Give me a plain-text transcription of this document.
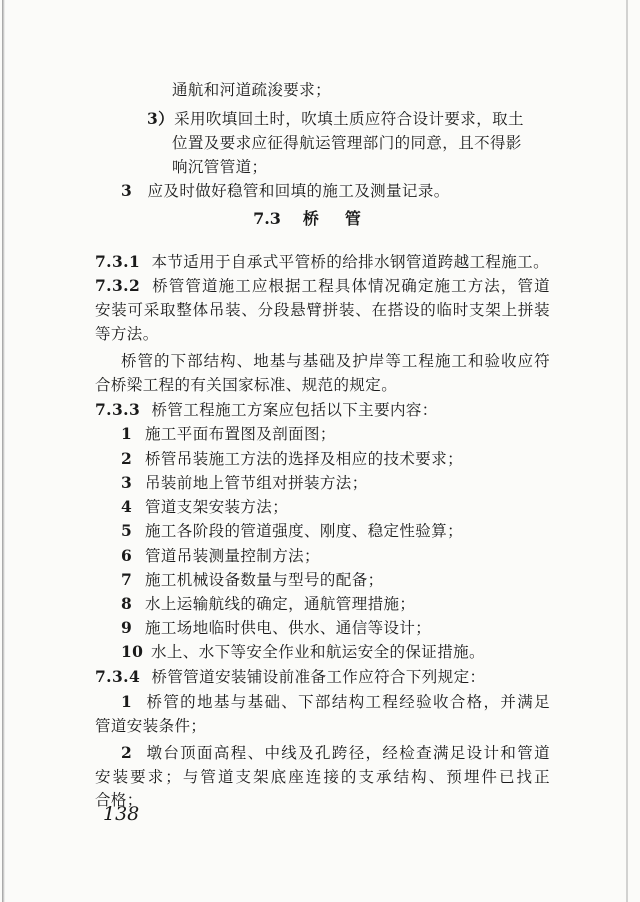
通航和河道疏浚要求；
3）采用吹填回土时，吹填土质应符合设计要求，取土
位置及要求应征得航运管理部门的同意，且不得影
响沉管管道；
3 应及时做好稳管和回填的施工及测量记录。
7.3 桥管
7.3.1 本节适用于自承式平管桥的给排水钢管道跨越工程施工。
7.3.2 桥管管道施工应根据工程具体情况确定施工方法，管道
安装可采取整体吊装、分段悬臂拼装、在搭设的临时支架上拼装
等方法。
桥管的下部结构、地基与基础及护岸等工程施工和验收应符
合桥梁工程的有关国家标准、规范的规定。
7.3.3 桥管工程施工方案应包括以下主要内容：
1 施工平面布置图及剖面图；
2 桥管吊装施工方法的选择及相应的技术要求；
3 吊装前地上管节组对拼装方法；
4 管道支架安装方法；
5 施工各阶段的管道强度、刚度、稳定性验算；
6 管道吊装测量控制方法；
7 施工机械设备数量与型号的配备；
8 水上运输航线的确定，通航管理措施；
9 施工场地临时供电、供水、通信等设计；
10 水上、水下等安全作业和航运安全的保证措施。
7.3.4 桥管管道安装铺设前准备工作应符合下列规定：
1 桥管的地基与基础、下部结构工程经验收合格，并满足
管道安装条件；
2 墩台顶面高程、中线及孔跨径，经检查满足设计和管道
安装要求；与管道支架底座连接的支承结构、预埋件已找正
合格；
138
